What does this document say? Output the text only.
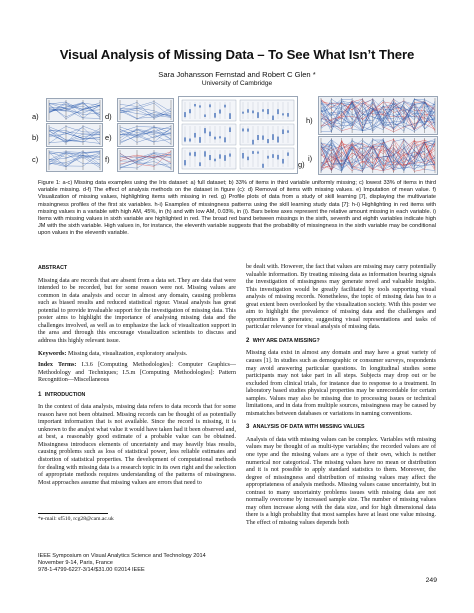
Visual Analysis of Missing Data – To See What Isn’t There
Sara Johansson Fernstad and Robert C Glen *
University of Cambridge
a)
b)
c)
d)
e)
f)
g)
h)
i)
Figure 1: a-c) Missing data examples using the Iris dataset: a) full dataset; b) 33% of items in third variable uniformly missing; c) lowest 33% of items in third variable missing. d-f) The effect of analysis methods on the dataset in figure (c): d) Removal of items with missing values. e) Imputation of mean value. f) Visualization of missing values, highlighting items with missing in red. g) Profile plots of data from a study of skill learning [7], displaying the multivariate missingness profiles of the first six variables. h-i) Examples of missingness patterns using the skill learning study data [7]: h-i) Highlighting in red items with missing values in a variable with high AM, 45%, in (h) and with low AM, 0.03%, in (i). Bars below axes represent the relative amount missing in each variable. i) Items with missing values in sixth variable are highlighted in red. The broad red band between missings in the sixth, seventh and eighth variables indicate high JM with the sixth variable. High values in, for instance, the eleventh variable suggests that the probability of missingness in the sixth variable may be conditional upon values in the eleventh variable.
ABSTRACT

Missing data are records that are absent from a data set. They are data that were intended to be recorded, but for some reason were not. Missing values are common in data analysis and occur in almost any domain, causing problems such as biased results and reduced statistical rigour. Visual analysis has great potential to provide invaluable support for the investigation of missing data. This poster aims to highlight the importance of analysing missing data and the challenges involved, as well as to emphasize the lack of visualization support in the area and through this encourage visualization scientists to discuss and address this highly relevant issue.

Keywords: Missing data, visualization, exploratory analysis.

Index Terms: I.3.6 [Computing Methodologies]: Computer Graphics—Methodology and Techniques; I.5.m [Computing Methodologies]: Pattern Recognition—Miscellaneous

1 INTRODUCTION

In the context of data analysis, missing data refers to data records that for some reason have not been obtained. Missing records can be thought of as potentially important information that is not available. Since the record is missing, it is unknown to the analyst what value it would have taken had it been observed and, at best, a reasonably good estimate of a probable value can be obtained. Missingness introduces elements of uncertainty and may heavily bias results, causing problems such as loss of statistical power, less reliable estimates and distortion of statistical properties. The development of computational methods for dealing with missing data is a research topic in its own right and the selection of appropriate methods requires understanding of the patterns of missingness. Most approaches assume that missing values are errors that need to

*e-mail: sf510, rcg28@cam.ac.uk
IEEE Symposium on Visual Analytics Science and Technology 2014
November 9-14, Paris, France
978-1-4799-6227-3/14/$31.00 ©2014 IEEE

be dealt with. However, the fact that values are missing may carry potentially valuable information. By treating missing data as information bearing signals the investigation of missingness may generate novel and valuable insights. This investigation would be greatly facilitated by tools supporting visual analysis of missing records. Nonetheless, the topic of missing data has to a great extent been overlooked by the visualization society. With this poster we aim to highlight the prevalence of missing data and the challenges and opportunities it generates; suggesting visual representations and tasks of particular relevance for visual analysis of missing data.

2 WHY ARE DATA MISSING?

Missing data exist in almost any domain and may have a great variety of causes [1]. In studies such as demographic or consumer surveys, respondents may avoid answering particular questions. In longitudinal studies some participants may not take part in all steps. Subjects may drop out or be excluded from clinical trials, for instance due to response to a treatment. In laboratory based studies physical properties may be unrecordable for certain samples. Values may also be missing due to processing issues or technical limitations, and in data from multiple sources, missingness may be caused by mismatches between databases or variations in naming conventions.

3 ANALYSIS OF DATA WITH MISSING VALUES

Analysis of data with missing values can be complex. Variables with missing values may be thought of as multi-type variables; the recorded values are of one type and the missing values are a type of their own, which is neither numerical nor categorical. The missing values have no mean or distribution and it is not possible to apply standard statistics to them. Moreover, the degree of missingness and distribution of missing values may affect the appropriateness of analysis methods. Missing values cause uncertainty, but in contrast to many uncertainty problems issues with missing data are not normally overcome by increased sample size. The number of missing values may often increase along with the data size, and for high dimensional data there is a high probability that most samples have at least one value missing. The effect of missing values depends both

249
